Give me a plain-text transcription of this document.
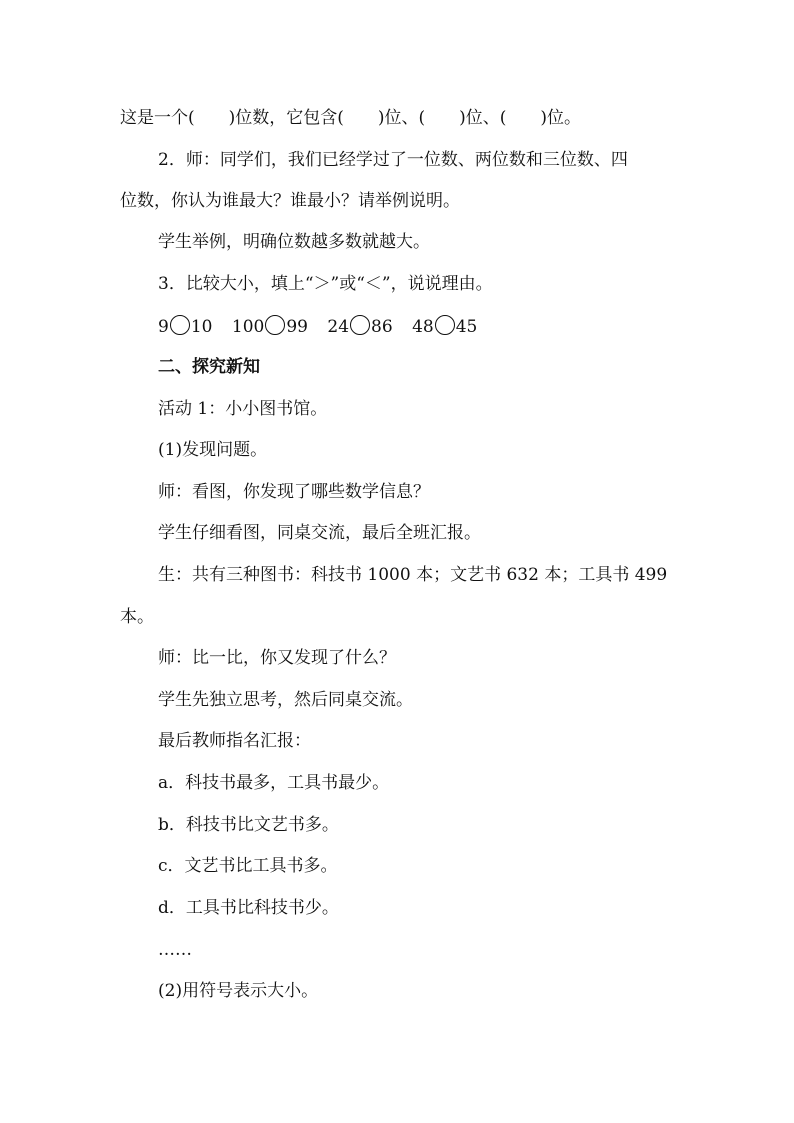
这是一个(　　)位数，它包含(　　)位、(　　)位、(　　)位。
2．师：同学们，我们已经学过了一位数、两位数和三位数、四
位数，你认为谁最大？谁最小？请举例说明。
学生举例，明确位数越多数就越大。
3．比较大小，填上“＞”或“＜”，说说理由。
9 10 100 99 24 86 48 45
二、探究新知
活动 1：小小图书馆。
(1)发现问题。
师：看图，你发现了哪些数学信息？
学生仔细看图，同桌交流，最后全班汇报。
生：共有三种图书：科技书 1000 本；文艺书 632 本；工具书 499
本。
师：比一比，你又发现了什么？
学生先独立思考，然后同桌交流。
最后教师指名汇报：
a．科技书最多，工具书最少。
b．科技书比文艺书多。
c．文艺书比工具书多。
d．工具书比科技书少。
……
(2)用符号表示大小。
